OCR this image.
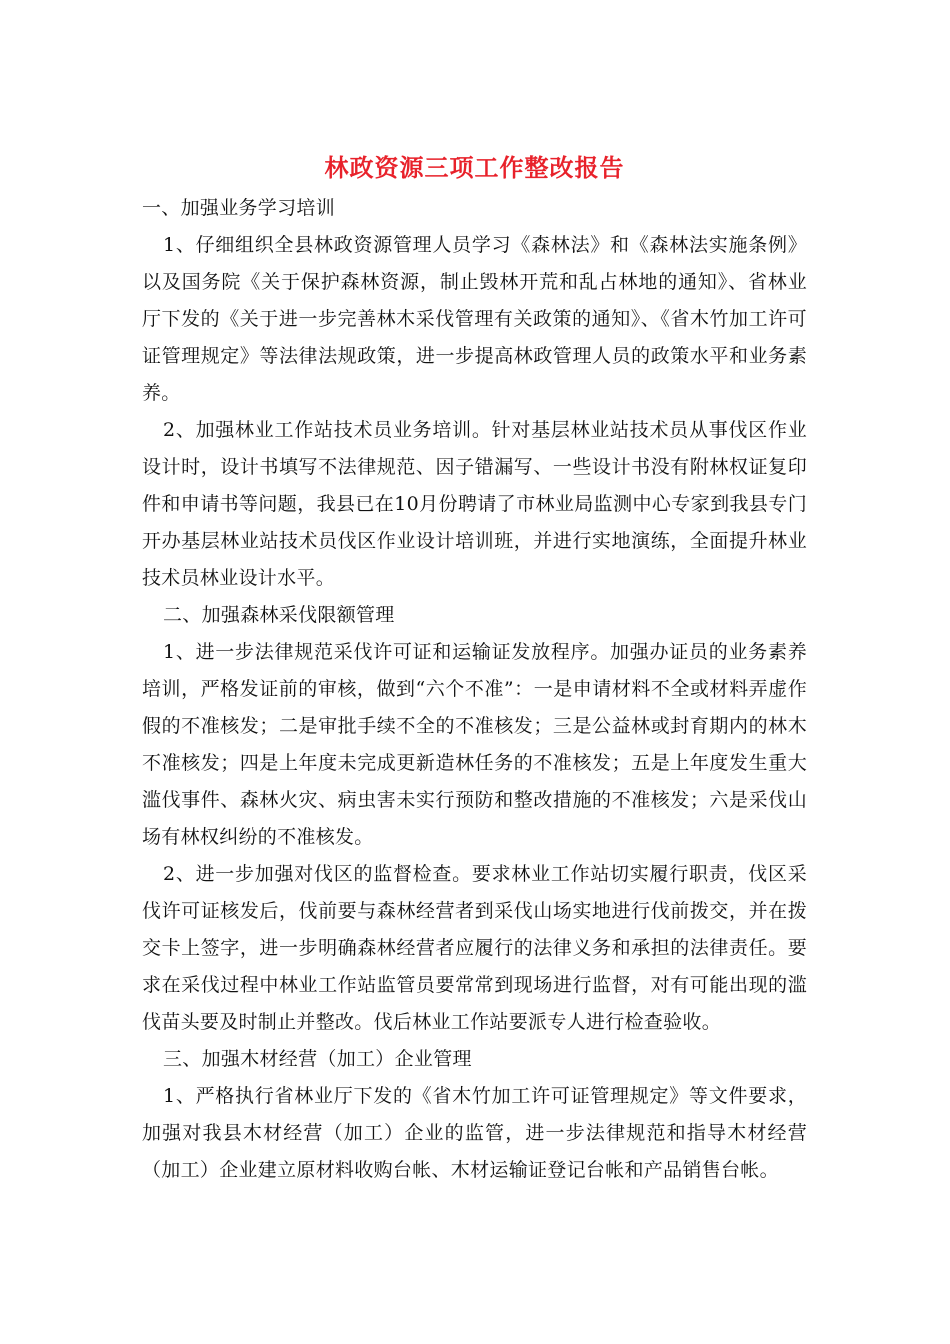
林政资源三项工作整改报告

一、加强业务学习培训

1、仔细组织全县林政资源管理人员学习《森林法》和《森林法实施条例》以及国务院《关于保护森林资源，制止毁林开荒和乱占林地的通知》、省林业厅下发的《关于进一步完善林木采伐管理有关政策的通知》、《省木竹加工许可证管理规定》等法律法规政策，进一步提高林政管理人员的政策水平和业务素养。

2、加强林业工作站技术员业务培训。针对基层林业站技术员从事伐区作业设计时，设计书填写不法律规范、因子错漏写、一些设计书没有附林权证复印件和申请书等问题，我县已在10月份聘请了市林业局监测中心专家到我县专门开办基层林业站技术员伐区作业设计培训班，并进行实地演练，全面提升林业技术员林业设计水平。

二、加强森林采伐限额管理

1、进一步法律规范采伐许可证和运输证发放程序。加强办证员的业务素养培训，严格发证前的审核，做到“六个不准”：一是申请材料不全或材料弄虚作假的不准核发；二是审批手续不全的不准核发；三是公益林或封育期内的林木不准核发；四是上年度未完成更新造林任务的不准核发；五是上年度发生重大滥伐事件、森林火灾、病虫害未实行预防和整改措施的不准核发；六是采伐山场有林权纠纷的不准核发。

2、进一步加强对伐区的监督检查。要求林业工作站切实履行职责，伐区采伐许可证核发后，伐前要与森林经营者到采伐山场实地进行伐前拨交，并在拨交卡上签字，进一步明确森林经营者应履行的法律义务和承担的法律责任。要求在采伐过程中林业工作站监管员要常常到现场进行监督，对有可能出现的滥伐苗头要及时制止并整改。伐后林业工作站要派专人进行检查验收。

三、加强木材经营（加工）企业管理

1、严格执行省林业厅下发的《省木竹加工许可证管理规定》等文件要求，加强对我县木材经营（加工）企业的监管，进一步法律规范和指导木材经营（加工）企业建立原材料收购台帐、木材运输证登记台帐和产品销售台帐。
